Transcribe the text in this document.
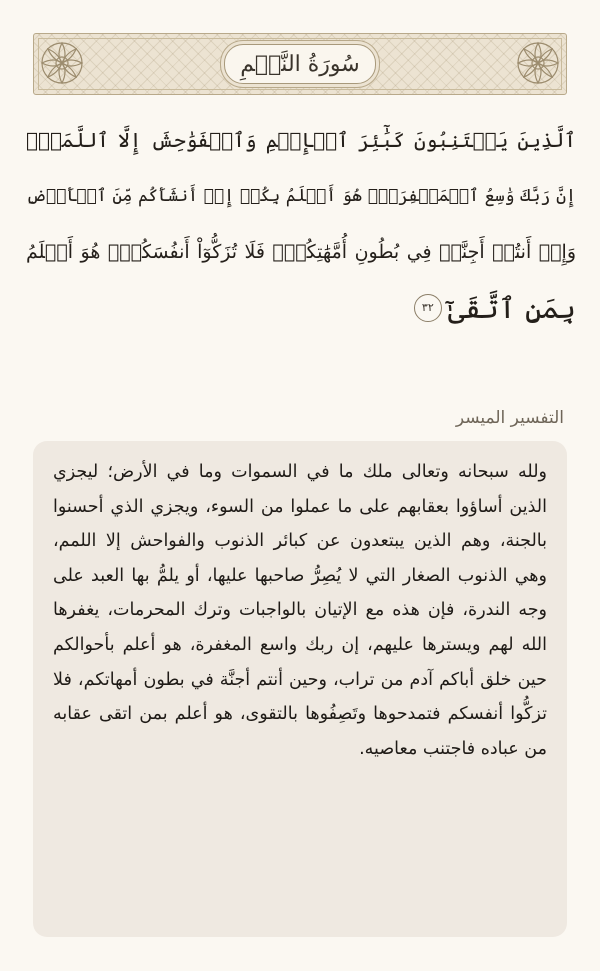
سُورَةُ النَّجۡمِ
ٱلَّذِينَ يَجۡتَنِبُونَ كَبَٰٓئِرَ ٱلۡإِثۡمِ وَٱلۡفَوَٰحِشَ إِلَّا ٱللَّمَمَۚ
إِنَّ رَبَّكَ وَٰسِعُ ٱلۡمَغۡفِرَةِۚ هُوَ أَعۡلَمُ بِكُمۡ إِذۡ أَنشَأَكُم مِّنَ ٱلۡأَرۡضِ
وَإِذۡ أَنتُمۡ أَجِنَّةٞ فِي بُطُونِ أُمَّهَٰتِكُمۡۖ فَلَا تُزَكُّوٓاْ أَنفُسَكُمۡۖ هُوَ أَعۡلَمُ
بِمَنِ ٱتَّقَىٰٓ٣٢
التفسير الميسر

ولله سبحانه وتعالى ملك ما في السموات وما في الأرض؛ ليجزي الذين أساؤوا بعقابهم على ما عملوا من السوء، ويجزي الذي أحسنوا بالجنة، وهم الذين يبتعدون عن كبائر الذنوب والفواحش إلا اللمم، وهي الذنوب الصغار التي لا يُصِرُّ صاحبها عليها، أو يلمُّ بها العبد على وجه الندرة، فإن هذه مع الإتيان بالواجبات وترك المحرمات، يغفرها الله لهم ويسترها عليهم، إن ربك واسع المغفرة، هو أعلم بأحوالكم حين خلق أباكم آدم من تراب، وحين أنتم أجنَّة في بطون أمهاتكم، فلا تزكُّوا أنفسكم فتمدحوها وتَصِفُوها بالتقوى، هو أعلم بمن اتقى عقابه من عباده فاجتنب معاصيه.
